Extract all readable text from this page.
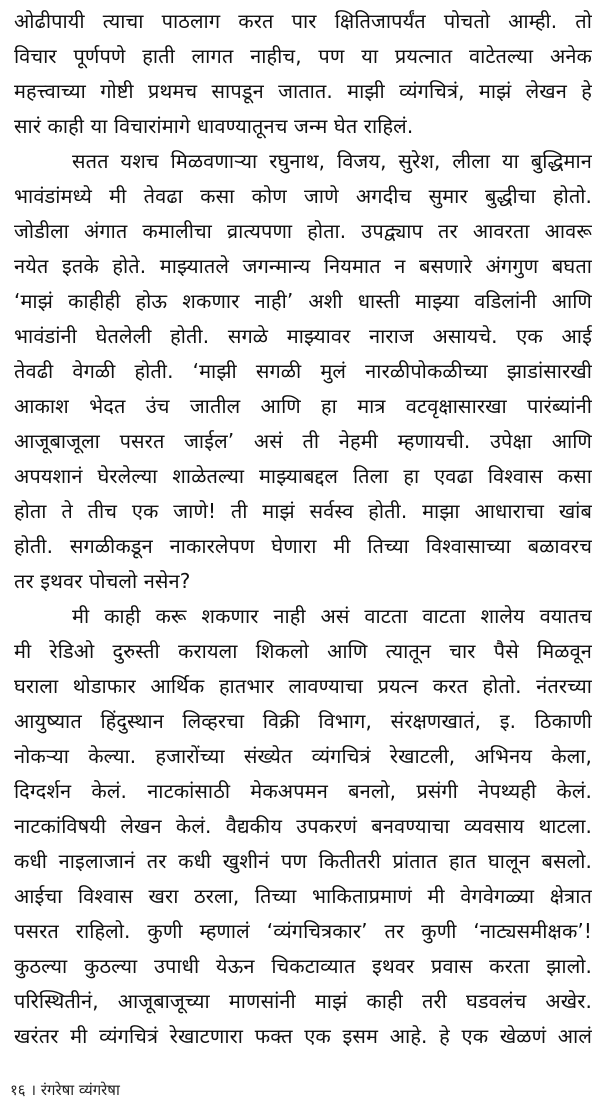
ओढीपायी त्याचा पाठलाग करत पार क्षितिजापर्यंत पोचतो आम्ही. तो
विचार पूर्णपणे हाती लागत नाहीच, पण या प्रयत्नात वाटेतल्या अनेक
महत्त्वाच्या गोष्टी प्रथमच सापडून जातात. माझी व्यंगचित्रं, माझं लेखन हे
सारं काही या विचारांमागे धावण्यातूनच जन्म घेत राहिलं.
सतत यशच मिळवणाऱ्या रघुनाथ, विजय, सुरेश, लीला या बुद्धिमान
भावंडांमध्ये मी तेवढा कसा कोण जाणे अगदीच सुमार बुद्धीचा होतो.
जोडीला अंगात कमालीचा व्रात्यपणा होता. उपद्व्याप तर आवरता आवरू
नयेत इतके होते. माझ्यातले जगन्मान्य नियमात न बसणारे अंगगुण बघता
‘माझं काहीही होऊ शकणार नाही’ अशी धास्ती माझ्या वडिलांनी आणि
भावंडांनी घेतलेली होती. सगळे माझ्यावर नाराज असायचे. एक आई
तेवढी वेगळी होती. ‘माझी सगळी मुलं नारळीपोकळीच्या झाडांसारखी
आकाश भेदत उंच जातील आणि हा मात्र वटवृक्षासारखा पारंब्यांनी
आजूबाजूला पसरत जाईल’ असं ती नेहमी म्हणायची. उपेक्षा आणि
अपयशानं घेरलेल्या शाळेतल्या माझ्याबद्दल तिला हा एवढा विश्वास कसा
होता ते तीच एक जाणे! ती माझं सर्वस्व होती. माझा आधाराचा खांब
होती. सगळीकडून नाकारलेपण घेणारा मी तिच्या विश्वासाच्या बळावरच
तर इथवर पोचलो नसेन?
मी काही करू शकणार नाही असं वाटता वाटता शालेय वयातच
मी रेडिओ दुरुस्ती करायला शिकलो आणि त्यातून चार पैसे मिळवून
घराला थोडाफार आर्थिक हातभार लावण्याचा प्रयत्न करत होतो. नंतरच्या
आयुष्यात हिंदुस्थान लिव्हरचा विक्री विभाग, संरक्षणखातं, इ. ठिकाणी
नोकऱ्या केल्या. हजारोंच्या संख्येत व्यंगचित्रं रेखाटली, अभिनय केला,
दिग्दर्शन केलं. नाटकांसाठी मेकअपमन बनलो, प्रसंगी नेपथ्यही केलं.
नाटकांविषयी लेखन केलं. वैद्यकीय उपकरणं बनवण्याचा व्यवसाय थाटला.
कधी नाइलाजानं तर कधी खुशीनं पण कितीतरी प्रांतात हात घालून बसलो.
आईचा विश्वास खरा ठरला, तिच्या भाकिताप्रमाणं मी वेगवेगळ्या क्षेत्रात
पसरत राहिलो. कुणी म्हणालं ‘व्यंगचित्रकार’ तर कुणी ‘नाट्यसमीक्षक’!
कुठल्या कुठल्या उपाधी येऊन चिकटाव्यात इथवर प्रवास करता झालो.
परिस्थितीनं, आजूबाजूच्या माणसांनी माझं काही तरी घडवलंच अखेर.
खरंतर मी व्यंगचित्रं रेखाटणारा फक्त एक इसम आहे. हे एक खेळणं आलं
१६ । रंगरेषा व्यंगरेषा
